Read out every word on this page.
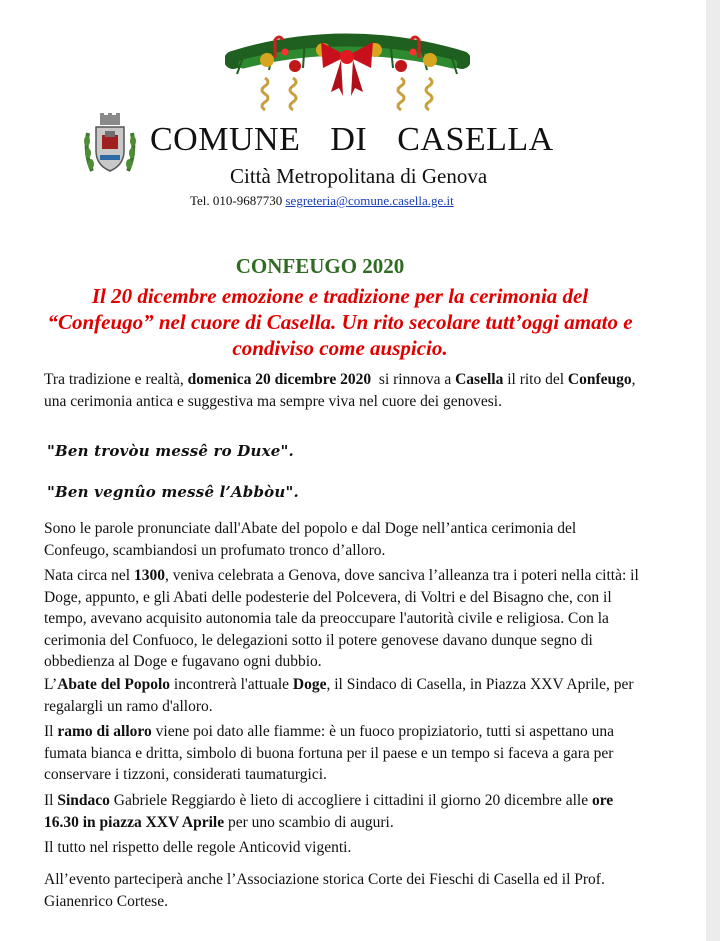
COMUNE DI CASELLA
Città Metropolitana di Genova
Tel. 010-9687730 segreteria@comune.casella.ge.it
CONFEUGO 2020
Il 20 dicembre emozione e tradizione per la cerimonia del “Confeugo” nel cuore di Casella. Un rito secolare tutt’oggi amato e condiviso come auspicio.

Tra tradizione e realtà, domenica 20 dicembre 2020  si rinnova a Casella il rito del Confeugo, una cerimonia antica e suggestiva ma sempre viva nel cuore dei genovesi.

"Ben trovòu messê ro Duxe".
"Ben vegnûo messê l’Abbòu".

Sono le parole pronunciate dall'Abate del popolo e dal Doge nell’antica cerimonia del Confeugo, scambiandosi un profumato tronco d’alloro.

Nata circa nel 1300, veniva celebrata a Genova, dove sanciva l’alleanza tra i poteri nella città: il Doge, appunto, e gli Abati delle podesterie del Polcevera, di Voltri e del Bisagno che, con il tempo, avevano acquisito autonomia tale da preoccupare l'autorità civile e religiosa. Con la cerimonia del Confuoco, le delegazioni sotto il potere genovese davano dunque segno di obbedienza al Doge e fugavano ogni dubbio.

L’Abate del Popolo incontrerà l'attuale Doge, il Sindaco di Casella, in Piazza XXV Aprile, per regalargli un ramo d'alloro.

Il ramo di alloro viene poi dato alle fiamme: è un fuoco propiziatorio, tutti si aspettano una fumata bianca e dritta, simbolo di buona fortuna per il paese e un tempo si faceva a gara per conservare i tizzoni, considerati taumaturgici.

Il Sindaco Gabriele Reggiardo è lieto di accogliere i cittadini il giorno 20 dicembre alle ore 16.30 in piazza XXV Aprile per uno scambio di auguri.

Il tutto nel rispetto delle regole Anticovid vigenti.

All’evento parteciperà anche l’Associazione storica Corte dei Fieschi di Casella ed il Prof. Gianenrico Cortese.
